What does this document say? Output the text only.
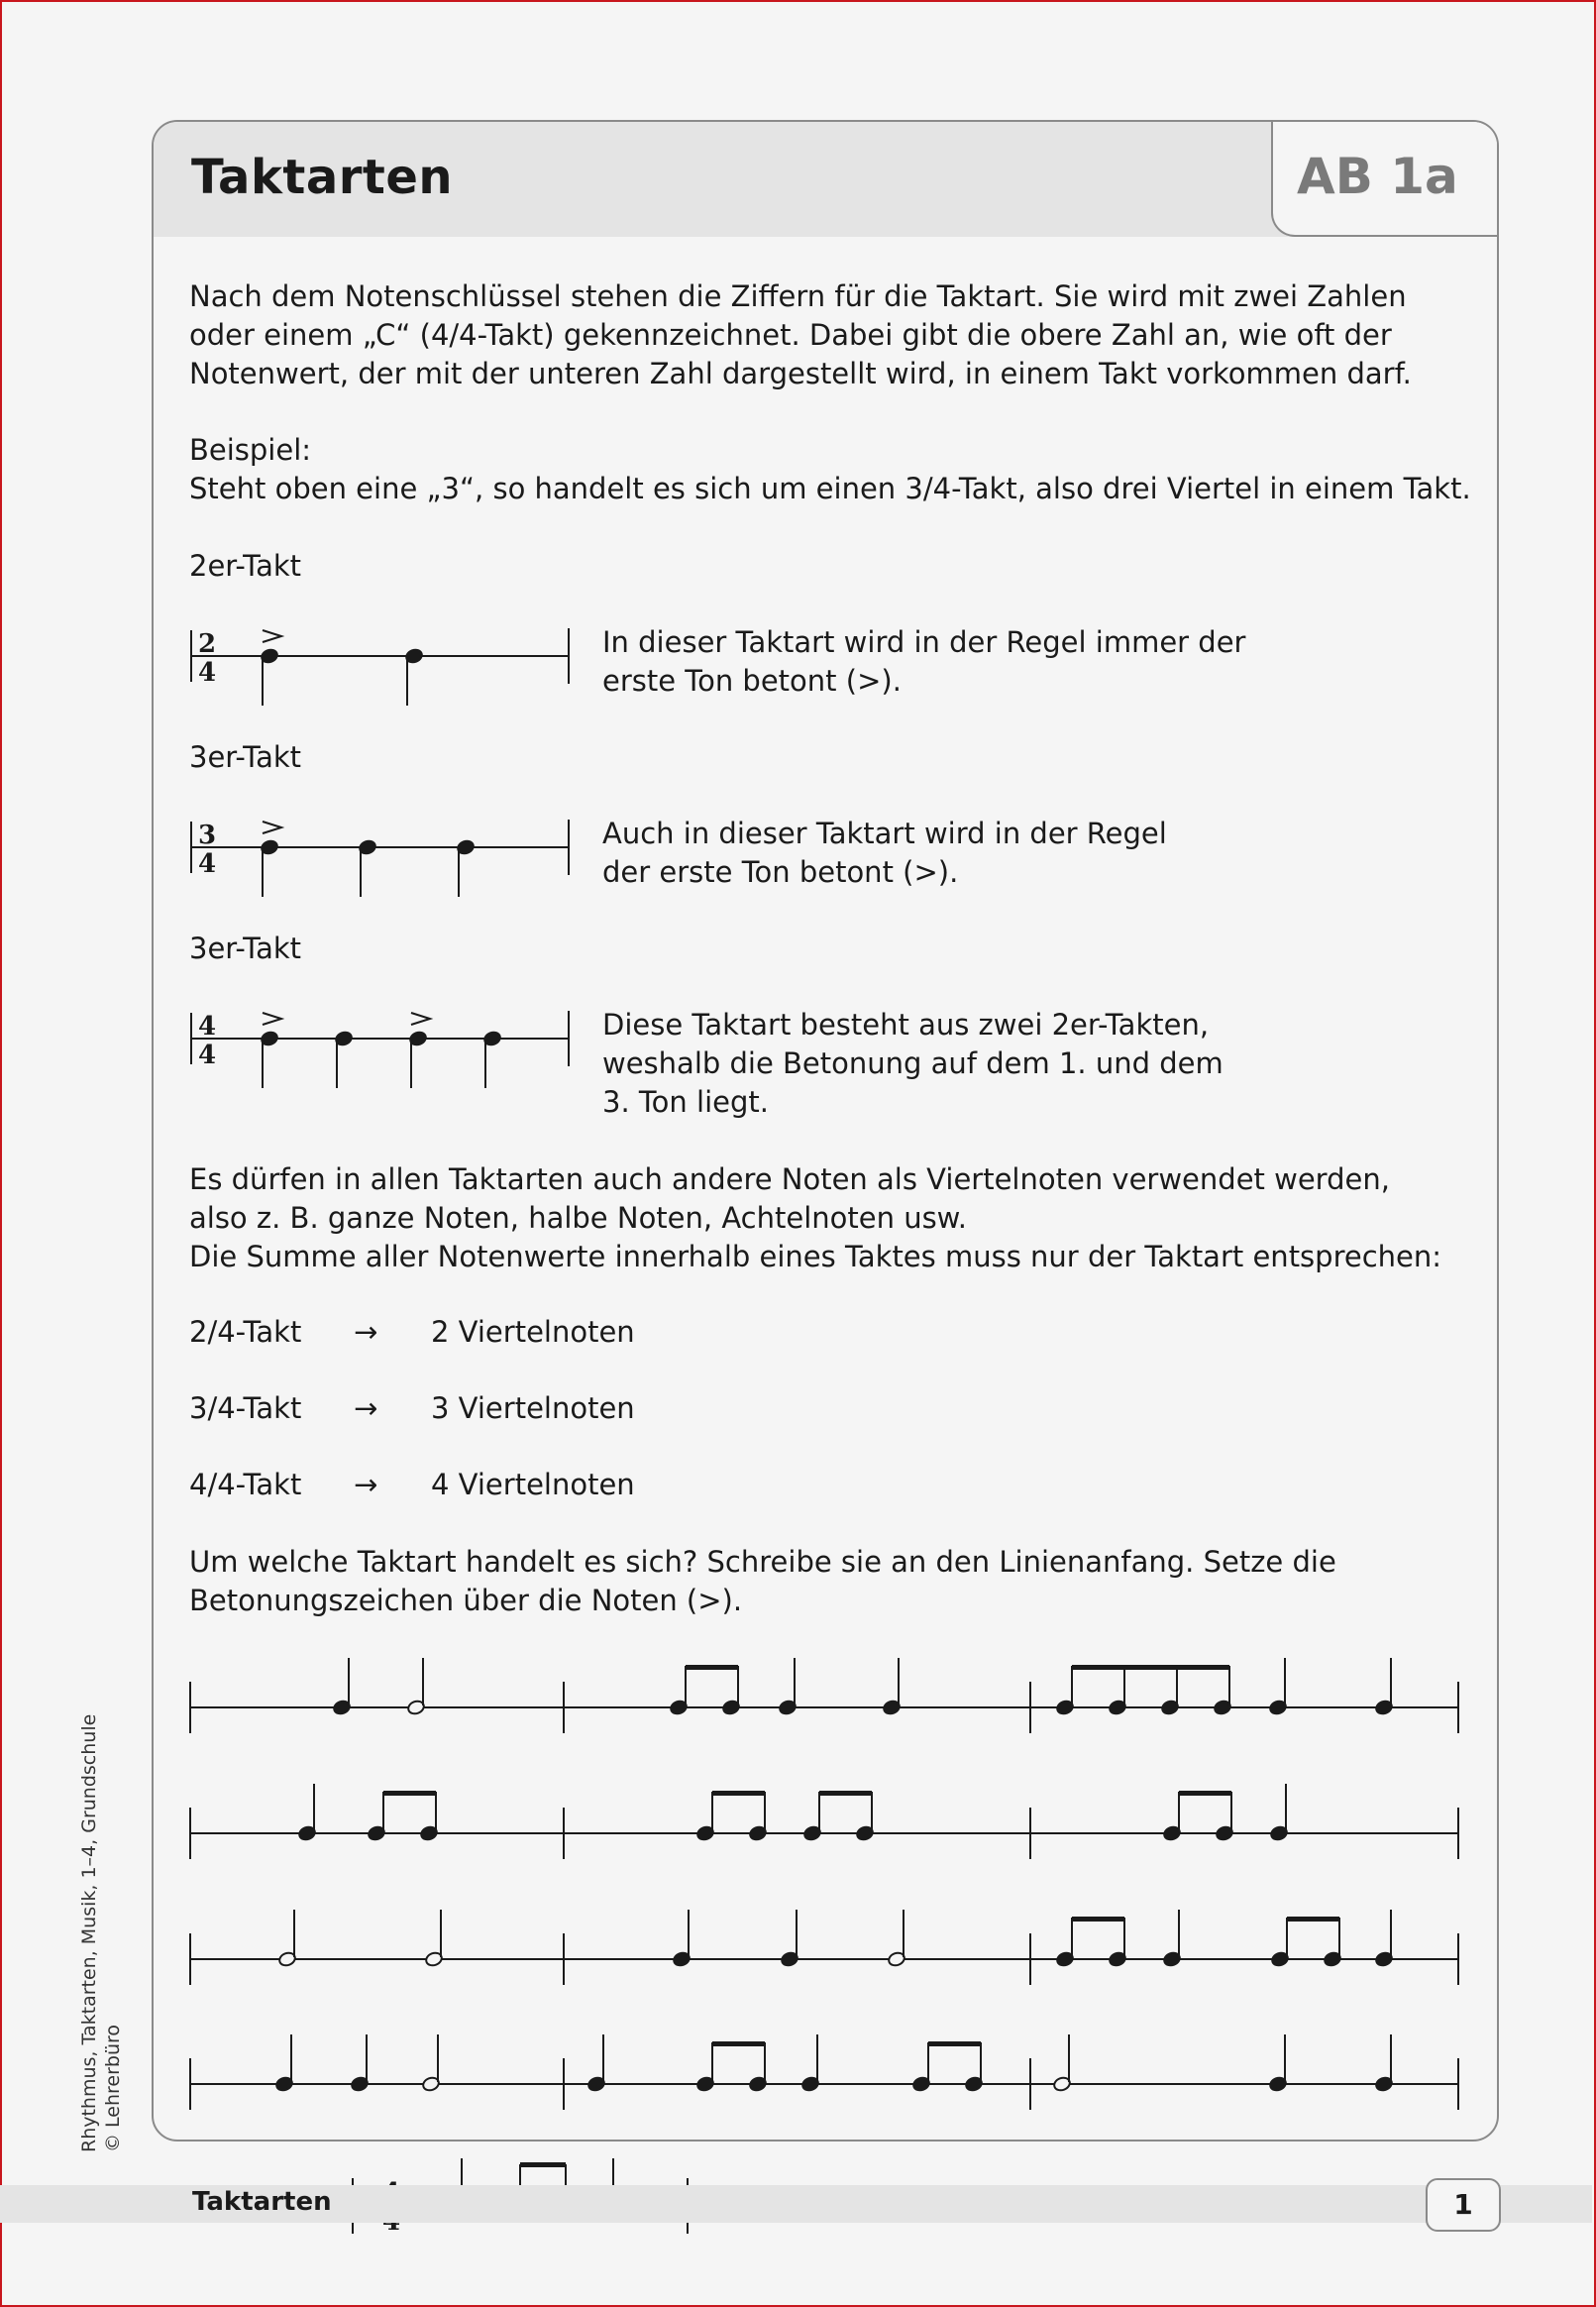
Taktarten	AB 1a
Nach dem Notenschlüssel stehen die Ziffern für die Taktart. Sie wird mit zwei Zahlen
oder einem „C“ (4/4-Takt) gekennzeichnet. Dabei gibt die obere Zahl an, wie oft der
Notenwert, der mit der unteren Zahl dargestellt wird, in einem Takt vorkommen darf.
Beispiel:
Steht oben eine „3“, so handelt es sich um einen 3/4-Takt, also drei Viertel in einem Takt.
2er-Takt
In dieser Taktart wird in der Regel immer der
erste Ton betont (>).
3er-Takt
Auch in dieser Taktart wird in der Regel
der erste Ton betont (>).
3er-Takt
Diese Taktart besteht aus zwei 2er-Takten,
weshalb die Betonung auf dem 1. und dem
3. Ton liegt.
Es dürfen in allen Taktarten auch andere Noten als Viertelnoten verwendet werden,
also z. B. ganze Noten, halbe Noten, Achtelnoten usw.
Die Summe aller Notenwerte innerhalb eines Taktes muss nur der Taktart entsprechen:
2/4-Takt → 2 Viertelnoten
3/4-Takt → 3 Viertelnoten
4/4-Takt → 4 Viertelnoten
Um welche Taktart handelt es sich? Schreibe sie an den Linienanfang. Setze die
Betonungszeichen über die Noten (>).
2
4
3
4
4
4
Taktarten	1
Rhythmus, Taktarten, Musik, 1–4, Grundschule © Lehrerbüro
